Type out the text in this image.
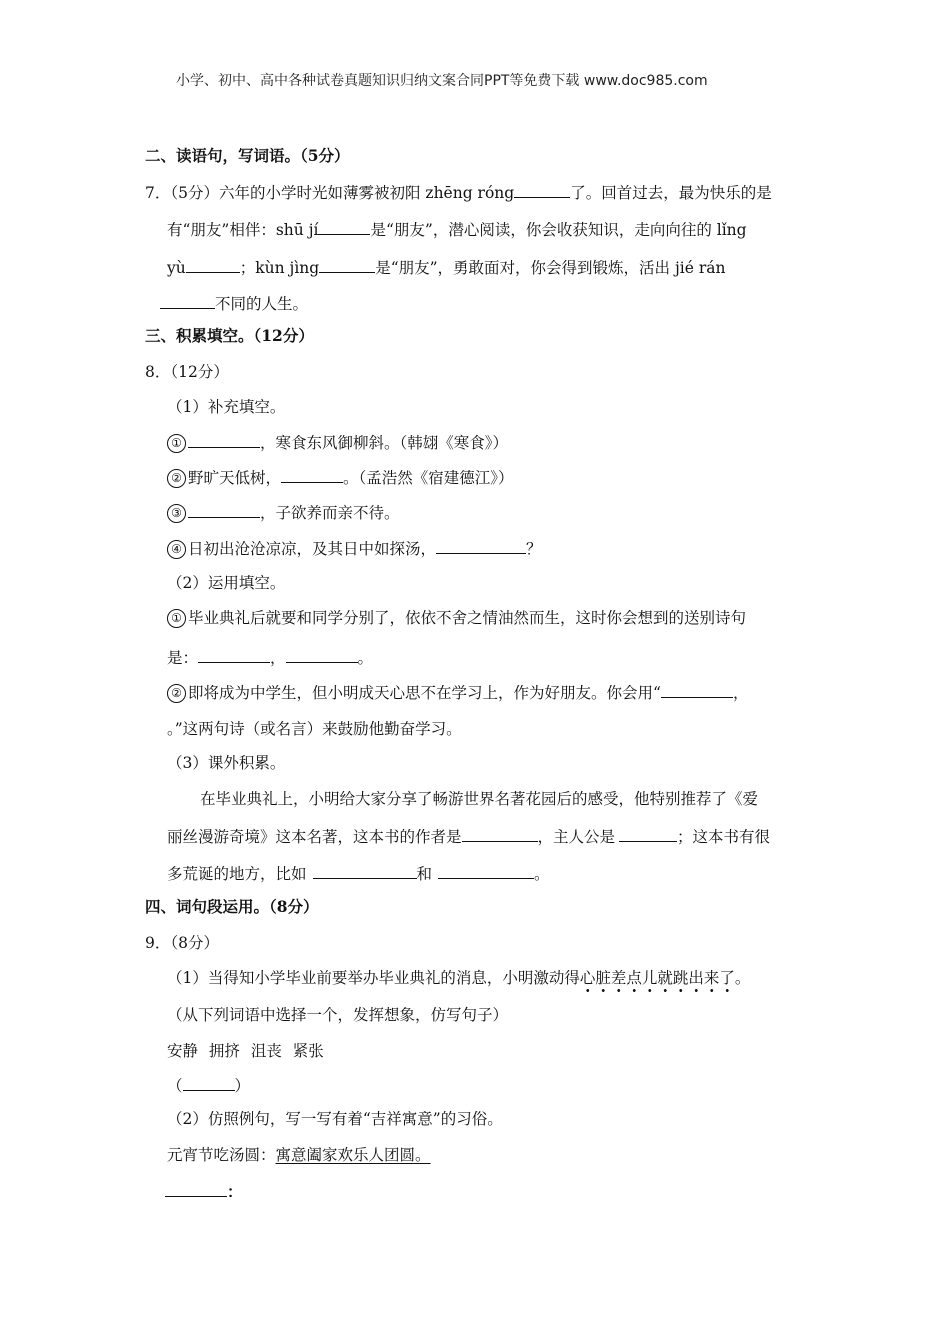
小学、初中、高中各种试卷真题知识归纳文案合同PPT等免费下载 www.doc985.com
二、读语句，写词语。（5分）
7．（5分）六年的小学时光如薄雾被初阳 zhēng róng	了。回首过去，最为快乐的是
有“朋友”相伴：shū jí	是“朋友”，潜心阅读，你会收获知识，走向向往的 lǐng
yù	；kùn jìng	是“朋友”，勇敢面对，你会得到锻炼，活出 jié rán
不同的人生。
三、积累填空。（12分）
8．（12分）
（1）补充填空。
①	，寒食东风御柳斜。（韩翃《寒食》）
② 野旷天低树，	。（孟浩然《宿建德江》）
③	，子欲养而亲不待。
④ 日初出沧沧凉凉，及其日中如探汤，	？
（2）运用填空。
① 毕业典礼后就要和同学分别了，依依不舍之情油然而生，这时你会想到的送别诗句
是：	，	。
② 即将成为中学生，但小明成天心思不在学习上，作为好朋友。你会用“	，
。”这两句诗（或名言）来鼓励他勤奋学习。
（3）课外积累。
在毕业典礼上，小明给大家分享了畅游世界名著花园后的感受，他特别推荐了《爱
丽丝漫游奇境》这本名著，这本书的作者是	，主人公是	；这本书有很
多荒诞的地方，比如	和	。
四、词句段运用。（8分）
9．（8分）
（1）当得知小学毕业前要举办毕业典礼的消息，小明激动得心脏差点儿就跳出来了。
（从下列词语中选择一个，发挥想象，仿写句子）
安静 拥挤 沮丧 紧张
（	）
（2）仿照例句，写一写有着“吉祥寓意”的习俗。
元宵节吃汤圆：寓意阖家欢乐人团圆。
：
